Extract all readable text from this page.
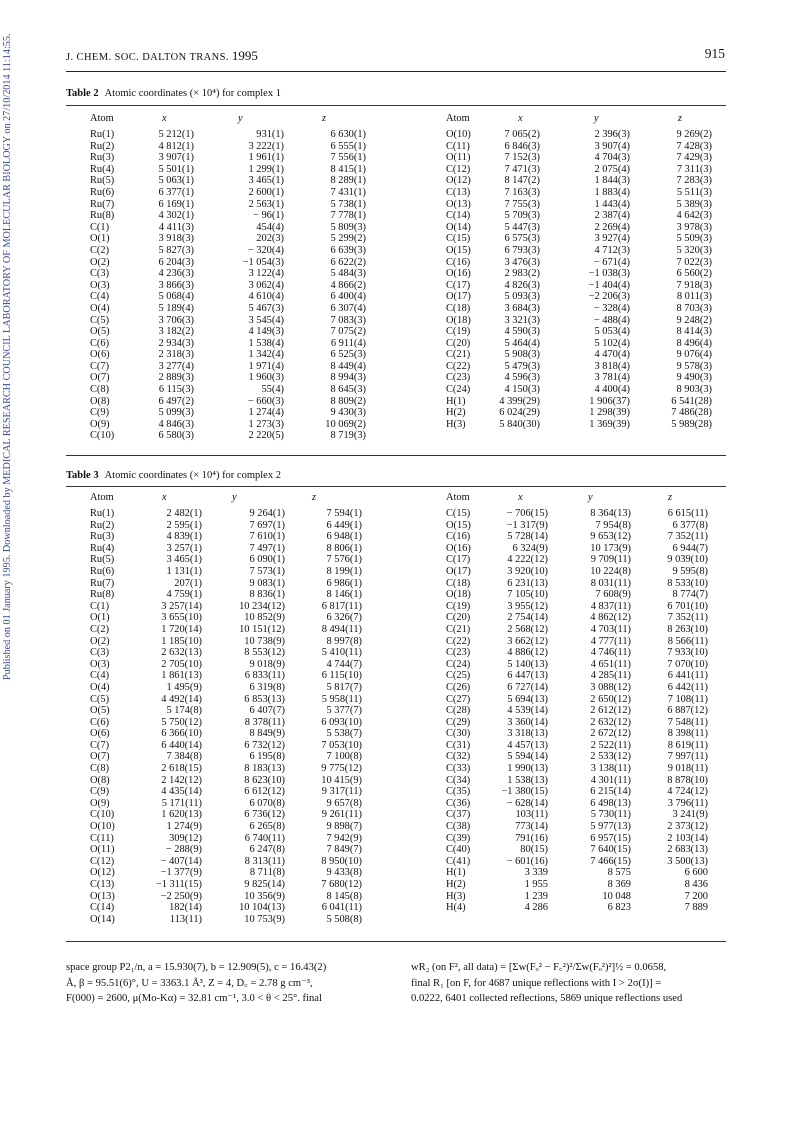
Published on 01 January 1995. Downloaded by MEDICAL RESEARCH COUNCIL LABORATORY OF MOLECULAR BIOLOGY on 27/10/2014 11:14:55.	J. CHEM. SOC. DALTON TRANS. 1995	915
Table 2 Atomic coordinates (× 10⁴) for complex 1
Atom	x	y	z
Ru(1)	5 212(1)	931(1)	6 630(1)
Ru(2)	4 812(1)	3 222(1)	6 555(1)
Ru(3)	3 907(1)	1 961(1)	7 556(1)
Ru(4)	5 501(1)	1 299(1)	8 415(1)
Ru(5)	5 063(1)	3 465(1)	8 289(1)
Ru(6)	6 377(1)	2 600(1)	7 431(1)
Ru(7)	6 169(1)	2 563(1)	5 738(1)
Ru(8)	4 302(1)	− 96(1)	7 778(1)
C(1)	4 411(3)	454(4)	5 809(3)
O(1)	3 918(3)	202(3)	5 299(2)
C(2)	5 827(3)	− 320(4)	6 639(3)
O(2)	6 204(3)	−1 054(3)	6 622(2)
C(3)	4 236(3)	3 122(4)	5 484(3)
O(3)	3 866(3)	3 062(4)	4 866(2)
C(4)	5 068(4)	4 610(4)	6 400(4)
O(4)	5 189(4)	5 467(3)	6 307(4)
C(5)	3 706(3)	3 545(4)	7 083(3)
O(5)	3 182(2)	4 149(3)	7 075(2)
C(6)	2 934(3)	1 538(4)	6 911(4)
O(6)	2 318(3)	1 342(4)	6 525(3)
C(7)	3 277(4)	1 971(4)	8 449(4)
O(7)	2 889(3)	1 960(3)	8 994(3)
C(8)	6 115(3)	55(4)	8 645(3)
O(8)	6 497(2)	− 660(3)	8 809(2)
C(9)	5 099(3)	1 274(4)	9 430(3)
O(9)	4 846(3)	1 273(3)	10 069(2)
C(10)	6 580(3)	2 220(5)	8 719(3)
Atom	x	y	z
O(10)	7 065(2)	2 396(3)	9 269(2)
C(11)	6 846(3)	3 907(4)	7 428(3)
O(11)	7 152(3)	4 704(3)	7 429(3)
C(12)	7 471(3)	2 075(4)	7 311(3)
O(12)	8 147(2)	1 844(3)	7 283(3)
C(13)	7 163(3)	1 883(4)	5 511(3)
O(13)	7 755(3)	1 443(4)	5 389(3)
C(14)	5 709(3)	2 387(4)	4 642(3)
O(14)	5 447(3)	2 269(4)	3 978(3)
C(15)	6 575(3)	3 927(4)	5 509(3)
O(15)	6 793(3)	4 712(3)	5 320(3)
C(16)	3 476(3)	− 671(4)	7 022(3)
O(16)	2 983(2)	−1 038(3)	6 560(2)
C(17)	4 826(3)	−1 404(4)	7 918(3)
O(17)	5 093(3)	−2 206(3)	8 011(3)
C(18)	3 684(3)	− 328(4)	8 703(3)
O(18)	3 321(3)	− 488(4)	9 248(2)
C(19)	4 590(3)	5 053(4)	8 414(3)
C(20)	5 464(4)	5 102(4)	8 496(4)
C(21)	5 908(3)	4 470(4)	9 076(4)
C(22)	5 479(3)	3 818(4)	9 578(3)
C(23)	4 596(3)	3 781(4)	9 490(3)
C(24)	4 150(3)	4 400(4)	8 903(3)
H(1)	4 399(29)	1 906(37)	6 541(28)
H(2)	6 024(29)	1 298(39)	7 486(28)
H(3)	5 840(30)	1 369(39)	5 989(28)
Table 3 Atomic coordinates (× 10⁴) for complex 2
Atom	x	y	z
Ru(1)	2 482(1)	9 264(1)	7 594(1)
Ru(2)	2 595(1)	7 697(1)	6 449(1)
Ru(3)	4 839(1)	7 610(1)	6 948(1)
Ru(4)	3 257(1)	7 497(1)	8 806(1)
Ru(5)	3 465(1)	6 090(1)	7 576(1)
Ru(6)	1 131(1)	7 573(1)	8 199(1)
Ru(7)	207(1)	9 083(1)	6 986(1)
Ru(8)	4 759(1)	8 836(1)	8 146(1)
C(1)	3 257(14)	10 234(12)	6 817(11)
O(1)	3 655(10)	10 852(9)	6 326(7)
C(2)	1 720(14)	10 151(12)	8 494(11)
O(2)	1 185(10)	10 738(9)	8 997(8)
C(3)	2 632(13)	8 553(12)	5 410(11)
O(3)	2 705(10)	9 018(9)	4 744(7)
C(4)	1 861(13)	6 833(11)	6 115(10)
O(4)	1 495(9)	6 319(8)	5 817(7)
C(5)	4 492(14)	6 853(13)	5 958(11)
O(5)	5 174(8)	6 407(7)	5 377(7)
C(6)	5 750(12)	8 378(11)	6 093(10)
O(6)	6 366(10)	8 849(9)	5 538(7)
C(7)	6 440(14)	6 732(12)	7 053(10)
O(7)	7 384(8)	6 195(8)	7 100(8)
C(8)	2 618(15)	8 183(13)	9 775(12)
O(8)	2 142(12)	8 623(10)	10 415(9)
C(9)	4 435(14)	6 612(12)	9 317(11)
O(9)	5 171(11)	6 070(8)	9 657(8)
C(10)	1 620(13)	6 736(12)	9 261(11)
O(10)	1 274(9)	6 265(8)	9 898(7)
C(11)	309(12)	6 740(11)	7 942(9)
O(11)	− 288(9)	6 247(8)	7 849(7)
C(12)	− 407(14)	8 313(11)	8 950(10)
O(12)	−1 377(9)	8 711(8)	9 433(8)
C(13)	−1 311(15)	9 825(14)	7 680(12)
O(13)	−2 250(9)	10 356(9)	8 145(8)
C(14)	182(14)	10 104(13)	6 041(11)
O(14)	113(11)	10 753(9)	5 508(8)
Atom	x	y	z
C(15)	− 706(15)	8 364(13)	6 615(11)
O(15)	−1 317(9)	7 954(8)	6 377(8)
C(16)	5 728(14)	9 653(12)	7 352(11)
O(16)	6 324(9)	10 173(9)	6 944(7)
C(17)	4 222(12)	9 709(11)	9 039(10)
O(17)	3 920(10)	10 224(8)	9 595(8)
C(18)	6 231(13)	8 031(11)	8 533(10)
O(18)	7 105(10)	7 608(9)	8 774(7)
C(19)	3 955(12)	4 837(11)	6 701(10)
C(20)	2 754(14)	4 862(12)	7 352(11)
C(21)	2 568(12)	4 703(11)	8 263(10)
C(22)	3 662(12)	4 777(11)	8 566(11)
C(23)	4 886(12)	4 746(11)	7 933(10)
C(24)	5 140(13)	4 651(11)	7 070(10)
C(25)	6 447(13)	4 285(11)	6 441(11)
C(26)	6 727(14)	3 088(12)	6 442(11)
C(27)	5 694(13)	2 650(12)	7 108(11)
C(28)	4 539(14)	2 612(12)	6 887(12)
C(29)	3 360(14)	2 632(12)	7 548(11)
C(30)	3 318(13)	2 672(12)	8 398(11)
C(31)	4 457(13)	2 522(11)	8 619(11)
C(32)	5 594(14)	2 533(12)	7 997(11)
C(33)	1 990(13)	3 138(11)	9 018(11)
C(34)	1 538(13)	4 301(11)	8 878(10)
C(35)	−1 380(15)	6 215(14)	4 724(12)
C(36)	− 628(14)	6 498(13)	3 796(11)
C(37)	103(11)	5 730(11)	3 241(9)
C(38)	773(14)	5 977(13)	2 373(12)
C(39)	791(16)	6 957(15)	2 103(14)
C(40)	80(15)	7 640(15)	2 683(13)
C(41)	− 601(16)	7 466(15)	3 500(13)
H(1)	3 339	8 575	6 600
H(2)	1 955	8 369	8 436
H(3)	1 239	10 048	7 200
H(4)	4 286	6 823	7 889
space group P2₁/n, a = 15.930(7), b = 12.909(5), c = 16.43(2)
Å, β = 95.51(6)°, U = 3363.1 Å³, Z = 4, D꜀ = 2.78 g cm⁻³,
F(000) = 2600, μ(Mo-Kα) = 32.81 cm⁻¹, 3.0 < θ < 25°. final
wR₂ (on F², all data) = [Σw(Fₒ² − F꜀²)²/Σw(Fₒ²)²]½ = 0.0658,
final R₁ [on F, for 4687 unique reflections with I > 2σ(I)] =
0.0222, 6401 collected reflections, 5869 unique reflections used
